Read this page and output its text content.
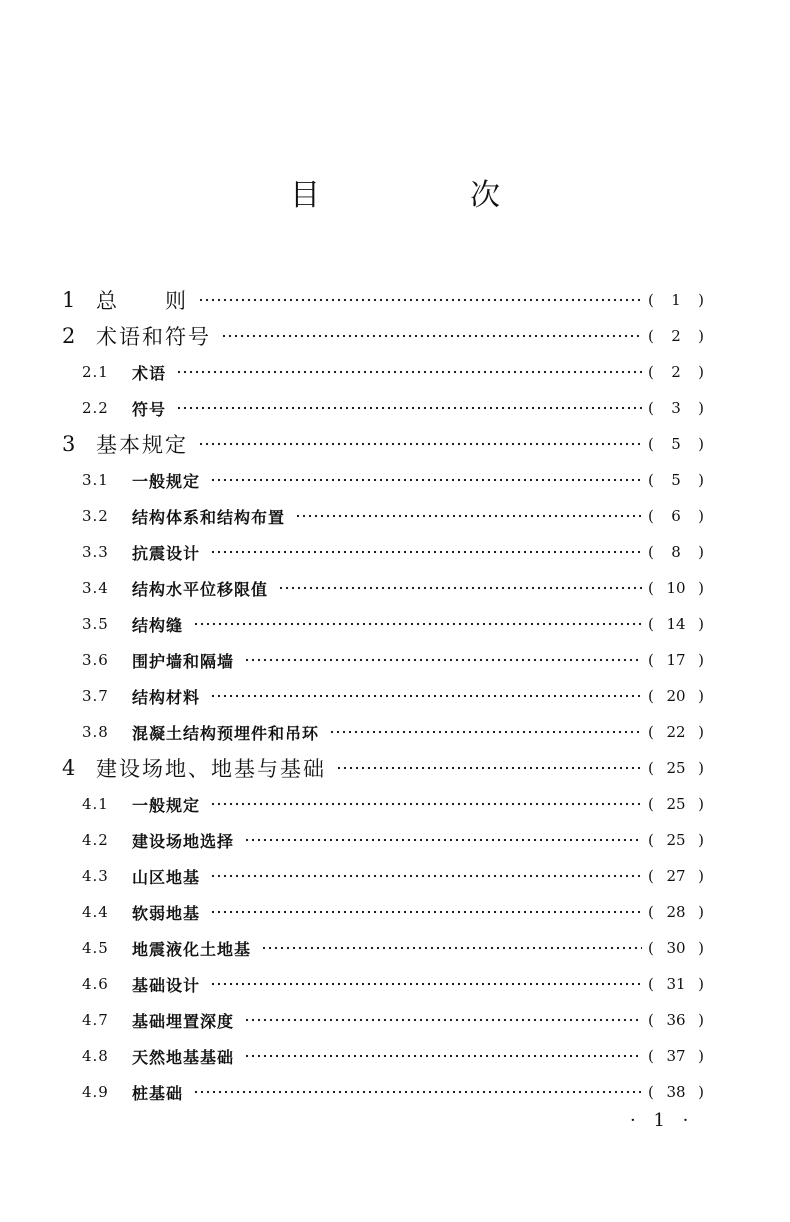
目　次
1 总　　则	(	1	)
2 术语和符号	(	2	)
2.1	术语	(	2	)
2.2	符号	(	3	)
3 基本规定	(	5	)
3.1	一般规定	(	5	)
3.2	结构体系和结构布置	(	6	)
3.3	抗震设计	(	8	)
3.4	结构水平位移限值	( 10 )
3.5	结构缝	( 14 )
3.6	围护墙和隔墙	( 17 )
3.7	结构材料	( 20 )
3.8	混凝土结构预埋件和吊环	( 22 )
4 建设场地、地基与基础	( 25 )
4.1	一般规定	( 25 )
4.2	建设场地选择	( 25 )
4.3	山区地基	( 27 )
4.4	软弱地基	( 28 )
4.5	地震液化土地基	( 30 )
4.6	基础设计	( 31 )
4.7	基础埋置深度	( 36 )
4.8	天然地基基础	( 37 )
4.9	桩基础	( 38 )
· 1 ·
